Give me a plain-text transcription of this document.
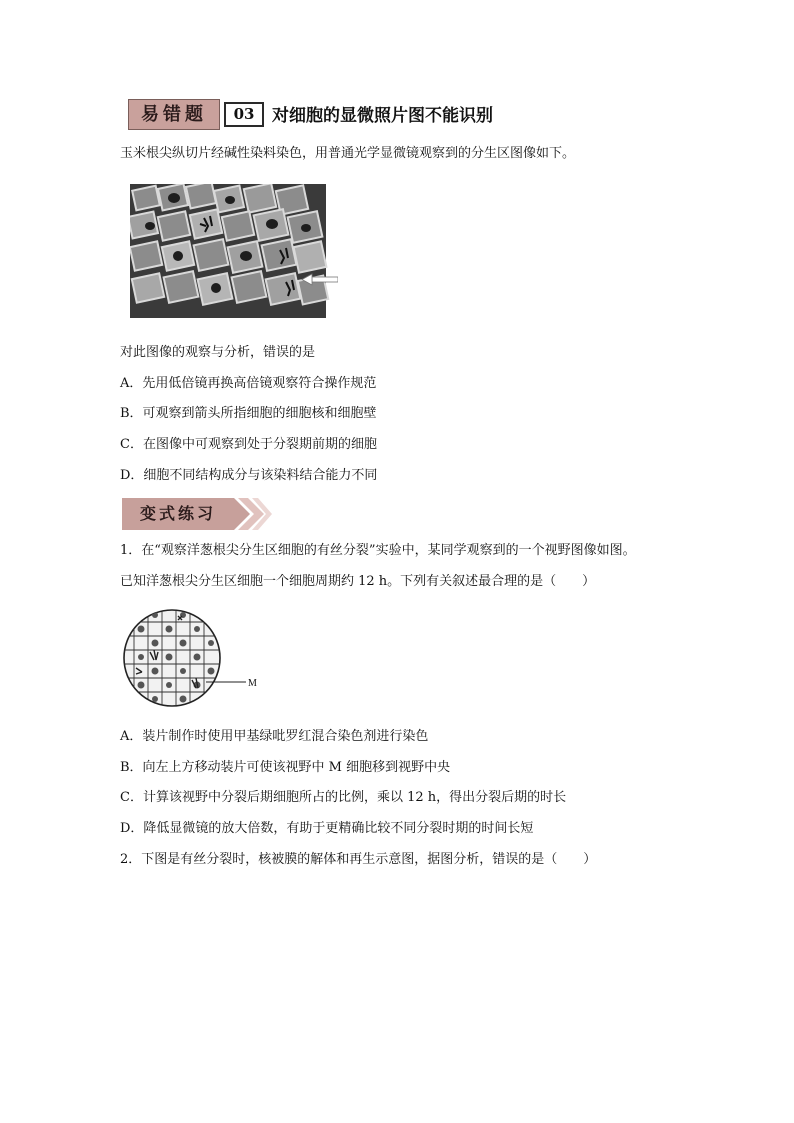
易错题	03	对细胞的显微照片图不能识别
玉米根尖纵切片经碱性染料染色，用普通光学显微镜观察到的分生区图像如下。
对此图像的观察与分析，错误的是
A．先用低倍镜再换高倍镜观察符合操作规范
B．可观察到箭头所指细胞的细胞核和细胞壁
C．在图像中可观察到处于分裂期前期的细胞
D．细胞不同结构成分与该染料结合能力不同
变式练习
1．在“观察洋葱根尖分生区细胞的有丝分裂”实验中，某同学观察到的一个视野图像如图。
已知洋葱根尖分生区细胞一个细胞周期约 12 h。下列有关叙述最合理的是（　　）
M
A．装片制作时使用甲基绿吡罗红混合染色剂进行染色
B．向左上方移动装片可使该视野中 M 细胞移到视野中央
C．计算该视野中分裂后期细胞所占的比例，乘以 12 h，得出分裂后期的时长
D．降低显微镜的放大倍数，有助于更精确比较不同分裂时期的时间长短
2．下图是有丝分裂时，核被膜的解体和再生示意图，据图分析，错误的是（　　）
